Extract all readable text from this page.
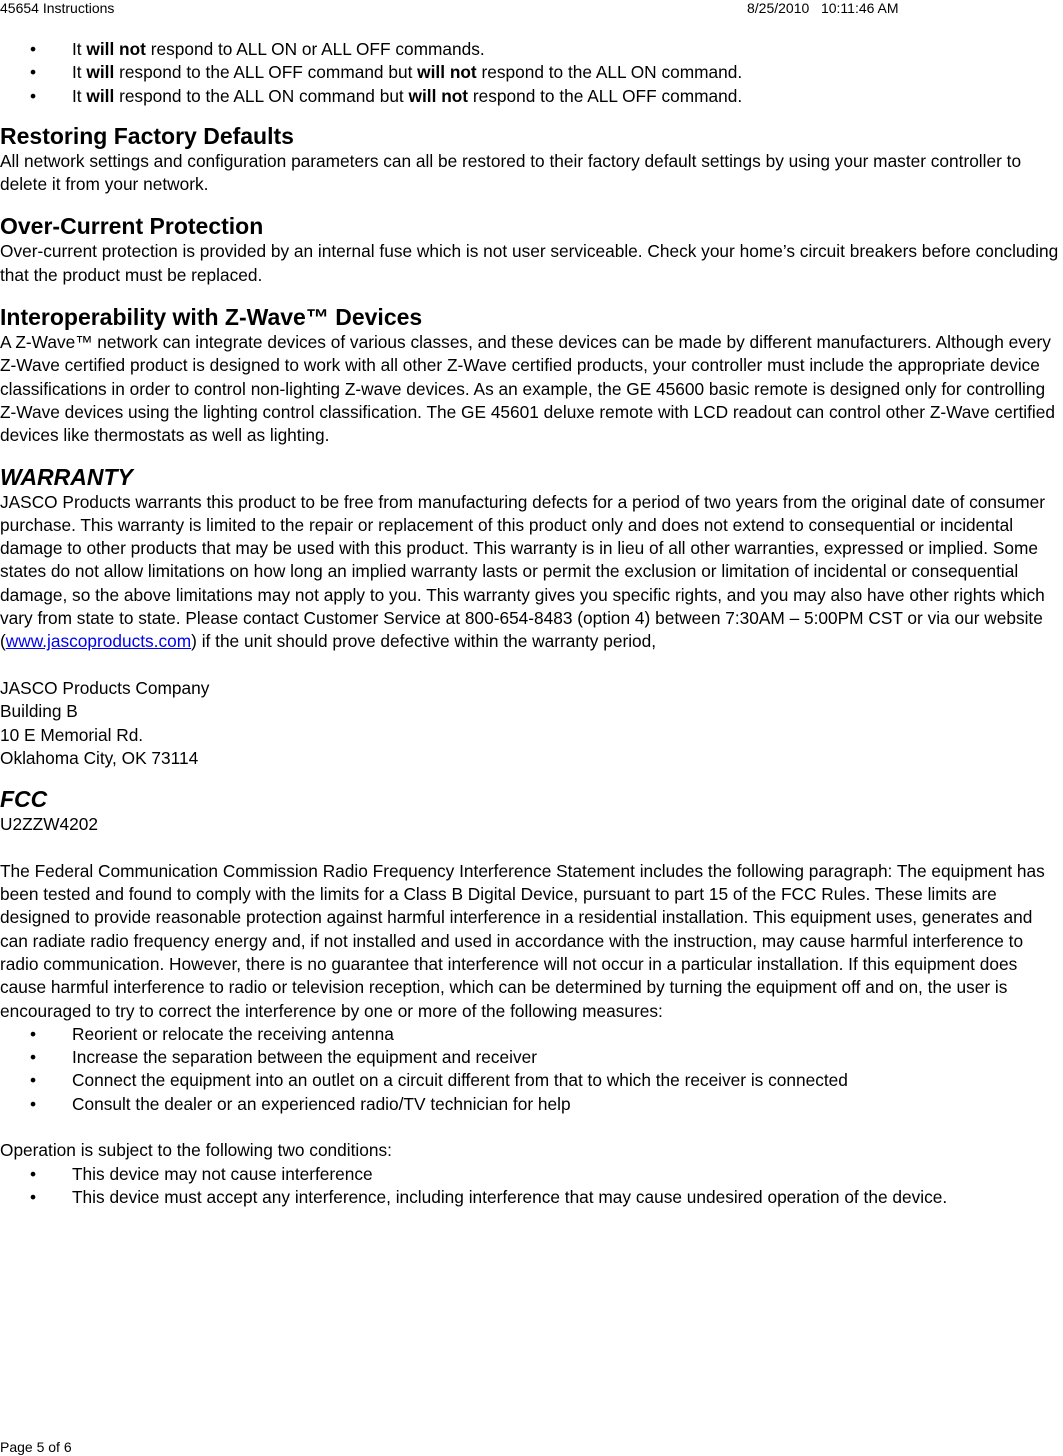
45654 Instructions	8/25/2010 10:11:46 AM
• It will not respond to ALL ON or ALL OFF commands.
• It will respond to the ALL OFF command but will not respond to the ALL ON command.
• It will respond to the ALL ON command but will not respond to the ALL OFF command.
Restoring Factory Defaults

All network settings and configuration parameters can all be restored to their factory default settings by using your master controller to delete it from your network.

Over-Current Protection

Over-current protection is provided by an internal fuse which is not user serviceable. Check your home’s circuit breakers before concluding that the product must be replaced.

Interoperability with Z-Wave™ Devices

A Z-Wave™ network can integrate devices of various classes, and these devices can be made by different manufacturers. Although every Z-Wave certified product is designed to work with all other Z-Wave certified products, your controller must include the appropriate device classifications in order to control non-lighting Z-wave devices. As an example, the GE 45600 basic remote is designed only for controlling Z-Wave devices using the lighting control classification. The GE 45601 deluxe remote with LCD readout can control other Z-Wave certified devices like thermostats as well as lighting.

WARRANTY

JASCO Products warrants this product to be free from manufacturing defects for a period of two years from the original date of consumer purchase. This warranty is limited to the repair or replacement of this product only and does not extend to consequential or incidental damage to other products that may be used with this product. This warranty is in lieu of all other warranties, expressed or implied. Some states do not allow limitations on how long an implied warranty lasts or permit the exclusion or limitation of incidental or consequential damage, so the above limitations may not apply to you. This warranty gives you specific rights, and you may also have other rights which vary from state to state. Please contact Customer Service at 800-654-8483 (option 4) between 7:30AM – 5:00PM CST or via our website (www.jascoproducts.com) if the unit should prove defective within the warranty period,

JASCO Products Company
Building B
10 E Memorial Rd.
Oklahoma City, OK 73114
FCC

U2ZZW4202

The Federal Communication Commission Radio Frequency Interference Statement includes the following paragraph: The equipment has been tested and found to comply with the limits for a Class B Digital Device, pursuant to part 15 of the FCC Rules. These limits are designed to provide reasonable protection against harmful interference in a residential installation. This equipment uses, generates and can radiate radio frequency energy and, if not installed and used in accordance with the instruction, may cause harmful interference to radio communication. However, there is no guarantee that interference will not occur in a particular installation. If this equipment does cause harmful interference to radio or television reception, which can be determined by turning the equipment off and on, the user is encouraged to try to correct the interference by one or more of the following measures:

• Reorient or relocate the receiving antenna
• Increase the separation between the equipment and receiver
• Connect the equipment into an outlet on a circuit different from that to which the receiver is connected
• Consult the dealer or an experienced radio/TV technician for help

Operation is subject to the following two conditions:

• This device may not cause interference
• This device must accept any interference, including interference that may cause undesired operation of the device.
Page 5 of 6
